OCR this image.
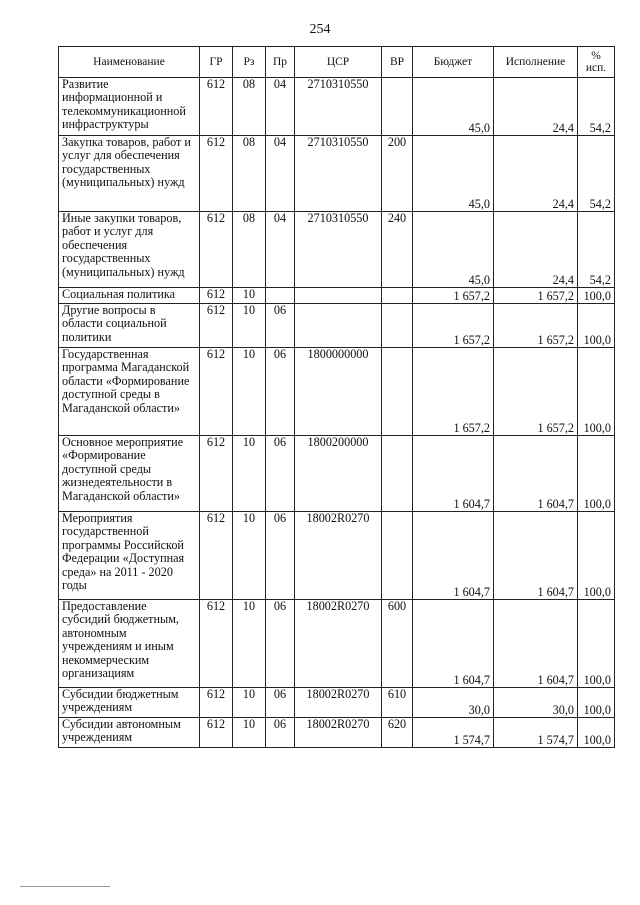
254
Наименование	ГР	Рз	Пр	ЦСР	ВР	Бюджет	Исполнение	% исп.
Развитие информационной и телекоммуникационной инфраструктуры	612	08	04	2710310550		45,0	24,4	54,2
Закупка товаров, работ и услуг для обеспечения государственных (муниципальных) нужд	612	08	04	2710310550	200	45,0	24,4	54,2
Иные закупки товаров, работ и услуг для обеспечения государственных (муниципальных) нужд	612	08	04	2710310550	240	45,0	24,4	54,2
Социальная политика	612	10				1 657,2	1 657,2	100,0
Другие вопросы в области социальной политики	612	10	06			1 657,2	1 657,2	100,0
Государственная программа Магаданской области «Формирование доступной среды в Магаданской области»	612	10	06	1800000000		1 657,2	1 657,2	100,0
Основное мероприятие «Формирование доступной среды жизнедеятельности в Магаданской области»	612	10	06	1800200000		1 604,7	1 604,7	100,0
Мероприятия государственной программы Российской Федерации «Доступная среда» на 2011 - 2020 годы	612	10	06	18002R0270		1 604,7	1 604,7	100,0
Предоставление субсидий бюджетным, автономным учреждениям и иным некоммерческим организациям	612	10	06	18002R0270	600	1 604,7	1 604,7	100,0
Субсидии бюджетным учреждениям	612	10	06	18002R0270	610	30,0	30,0	100,0
Субсидии автономным учреждениям	612	10	06	18002R0270	620	1 574,7	1 574,7	100,0
